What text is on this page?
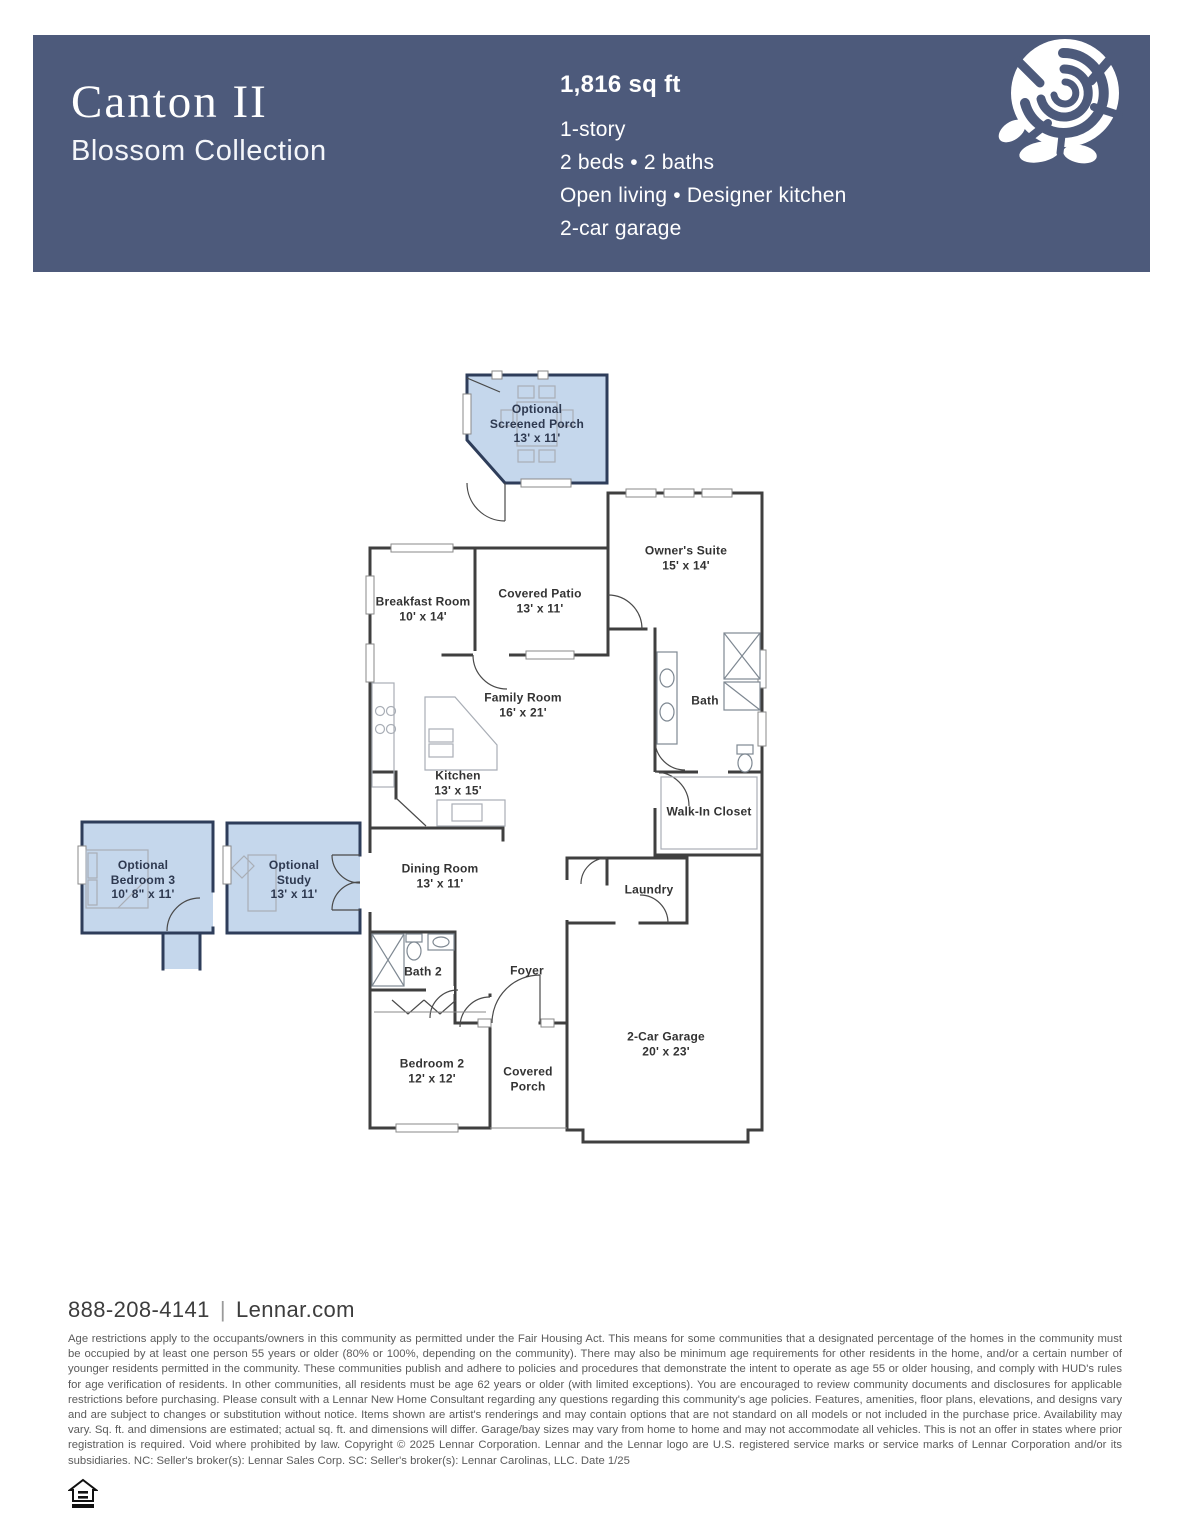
Canton II
Blossom Collection
1,816 sq ft
1-story
2 beds • 2 baths
Open living • Designer kitchen
2-car garage
Optional
Screened Porch
13' x 11'
Owner's Suite
15' x 14'
Breakfast Room
10' x 14'
Covered Patio
13' x 11'
Family Room
16' x 21'
Kitchen
13' x 15'
Bath
Walk-In Closet
Dining Room
13' x 11'	Laundry
Optional
Bedroom 3
10' 8" x 11'
Optional
Study
13' x 11'
Bath 2	Foyer
Bedroom 2
12' x 12'	Covered
Porch
2-Car Garage
20' x 23'
888-208-4141 | Lennar.com
Age restrictions apply to the occupants/owners in this community as permitted under the Fair Housing Act. This means for some communities that a designated percentage of the homes in the community must be occupied by at least one person 55 years or older (80% or 100%, depending on the community). There may also be minimum age requirements for other residents in the home, and/or a certain number of younger residents permitted in the community. These communities publish and adhere to policies and procedures that demonstrate the intent to operate as age 55 or older housing, and comply with HUD's rules for age verification of residents. In other communities, all residents must be age 62 years or older (with limited exceptions). You are encouraged to review community documents and disclosures for applicable restrictions before purchasing. Please consult with a Lennar New Home Consultant regarding any questions regarding this community's age policies. Features, amenities, floor plans, elevations, and designs vary and are subject to changes or substitution without notice. Items shown are artist's renderings and may contain options that are not standard on all models or not included in the purchase price. Availability may vary. Sq. ft. and dimensions are estimated; actual sq. ft. and dimensions will differ. Garage/bay sizes may vary from home to home and may not accommodate all vehicles. This is not an offer in states where prior registration is required. Void where prohibited by law. Copyright © 2025 Lennar Corporation. Lennar and the Lennar logo are U.S. registered service marks or service marks of Lennar Corporation and/or its subsidiaries. NC: Seller's broker(s): Lennar Sales Corp. SC: Seller's broker(s): Lennar Carolinas, LLC. Date 1/25
